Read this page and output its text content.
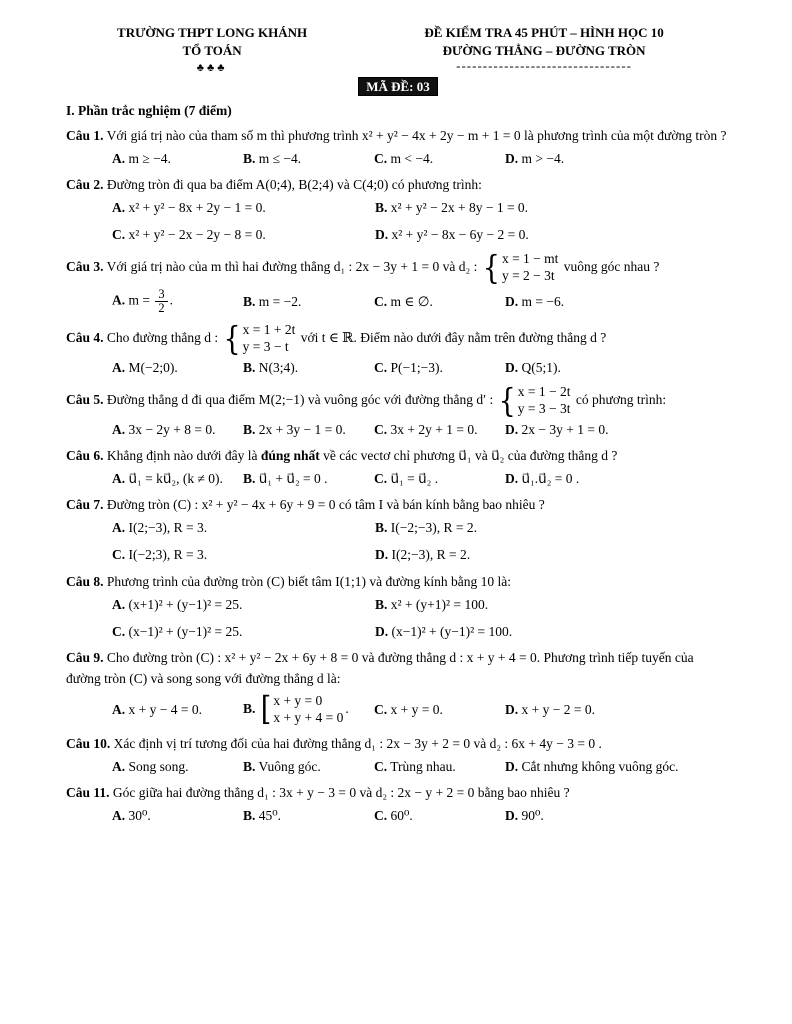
TRƯỜNG THPT LONG KHÁNH
TỔ TOÁN
♣♣♣
ĐỀ KIỂM TRA 45 PHÚT – HÌNH HỌC 10
ĐƯỜNG THẲNG – ĐƯỜNG TRÒN
---------------------------------
MÃ ĐỀ: 03
I. Phần trắc nghiệm (7 điểm)
Câu 1. Với giá trị nào của tham số m thì phương trình x² + y² − 4x + 2y − m + 1 = 0 là phương trình của một đường tròn ?
A. m ≥ −4.	B. m ≤ −4.	C. m < −4.	D. m > −4.
Câu 2. Đường tròn đi qua ba điểm A(0;4), B(2;4) và C(4;0) có phương trình:
A. x² + y² − 8x + 2y − 1 = 0.	B. x² + y² − 2x + 8y − 1 = 0.
C. x² + y² − 2x − 2y − 8 = 0.	D. x² + y² − 8x − 6y − 2 = 0.
Câu 3. Với giá trị nào của m thì hai đường thẳng d₁ : 2x − 3y + 1 = 0 và d₂ : { x = 1 − mt
y = 2 − 3t
vuông góc nhau ?
A. $m = \frac{3}{2}$ .	B. m = −2.	C. m ∈ ∅.	D. m = −6.
Câu 4. Cho đường thẳng d : { x = 1 + 2t
y = 3 − t
với t ∈ ℝ. Điểm nào dưới đây nằm trên đường thẳng d ?
A. M(−2;0).	B. N(3;4).	C. P(−1;−3).	D. Q(5;1).
Câu 5. Đường thẳng d đi qua điểm M(2;−1) và vuông góc với đường thẳng d′ : { x = 1 − 2t
y = 3 − 3t
có phương trình:
A. 3x − 2y + 8 = 0.	B. 2x + 3y − 1 = 0.	C. 3x + 2y + 1 = 0.	D. 2x − 3y + 1 = 0.
Câu 6. Khẳng định nào dưới đây là đúng nhất về các vectơ chỉ phương u⃗₁ và u⃗₂ của đường thẳng d ?
A. u⃗₁ = ku⃗₂, (k ≠ 0).	B. u⃗₁ + u⃗₂ = 0 .	C. u⃗₁ = u⃗₂ .	D. u⃗₁.u⃗₂ = 0 .
Câu 7. Đường tròn (C) : x² + y² − 4x + 6y + 9 = 0 có tâm I và bán kính bằng bao nhiêu ?
A. I(2;−3), R = 3.	B. I(−2;−3), R = 2.
C. I(−2;3), R = 3.	D. I(2;−3), R = 2.
Câu 8. Phương trình của đường tròn (C) biết tâm I(1;1) và đường kính bằng 10 là:
A. (x+1)² + (y−1)² = 25.	B. x² + (y+1)² = 100.
C. (x−1)² + (y−1)² = 25.	D. (x−1)² + (y−1)² = 100.
Câu 9. Cho đường tròn (C) : x² + y² − 2x + 6y + 8 = 0 và đường thẳng d : x + y + 4 = 0. Phương trình tiếp tuyến của đường tròn (C) và song song với đường thẳng d là:
A. x + y − 4 = 0.	B. [ x + y = 0
x + y + 4 = 0
.	C. x + y = 0.	D. x + y − 2 = 0.
Câu 10. Xác định vị trí tương đối của hai đường thẳng d₁ : 2x − 3y + 2 = 0 và d₂ : 6x + 4y − 3 = 0 .
A. Song song.	B. Vuông góc.	C. Trùng nhau.	D. Cắt nhưng không vuông góc.
Câu 11. Góc giữa hai đường thẳng d₁ : 3x + y − 3 = 0 và d₂ : 2x − y + 2 = 0 bằng bao nhiêu ?
A. 30⁰.	B. 45⁰.	C. 60⁰.	D. 90⁰.
